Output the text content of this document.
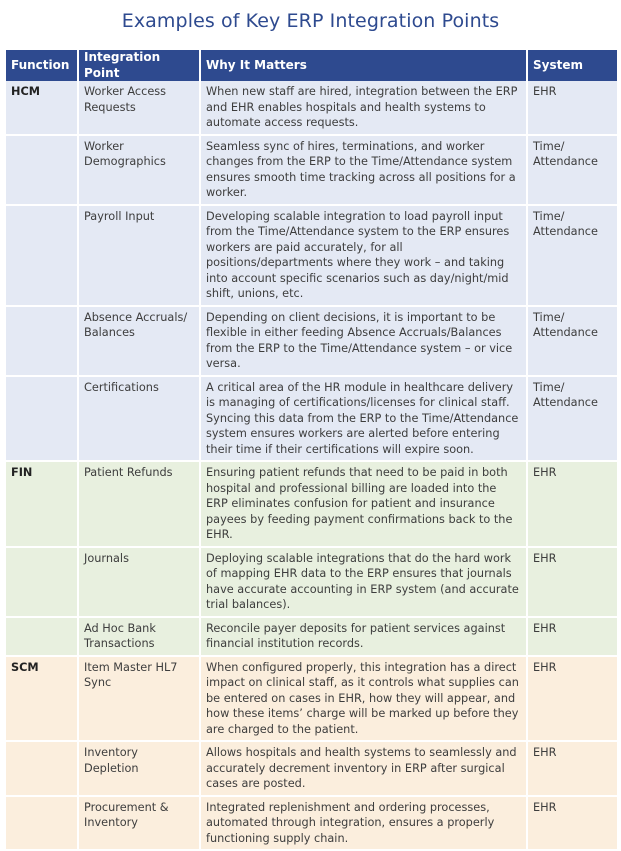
Examples of Key ERP Integration Points
Function	Integration Point	Why It Matters	System
HCM	Worker Access Requests	When new staff are hired, integration between the ERP and EHR enables hospitals and health systems to automate access requests.	EHR
	Worker Demographics	Seamless sync of hires, terminations, and worker changes from the ERP to the Time/Attendance system ensures smooth time tracking across all positions for a worker.	Time/ Attendance
	Payroll Input	Developing scalable integration to load payroll input from the Time/Attendance system to the ERP ensures workers are paid accurately, for all positions/departments where they work – and taking into account specific scenarios such as day/night/mid shift, unions, etc.	Time/ Attendance
	Absence Accruals/ Balances	Depending on client decisions, it is important to be flexible in either feeding Absence Accruals/Balances from the ERP to the Time/Attendance system – or vice versa.	Time/ Attendance
	Certifications	A critical area of the HR module in healthcare delivery is managing of certifications/licenses for clinical staff. Syncing this data from the ERP to the Time/Attendance system ensures workers are alerted before entering their time if their certifications will expire soon.	Time/ Attendance
FIN	Patient Refunds	Ensuring patient refunds that need to be paid in both hospital and professional billing are loaded into the ERP eliminates confusion for patient and insurance payees by feeding payment confirmations back to the EHR.	EHR
	Journals	Deploying scalable integrations that do the hard work of mapping EHR data to the ERP ensures that journals have accurate accounting in ERP system (and accurate trial balances).	EHR
	Ad Hoc Bank Transactions	Reconcile payer deposits for patient services against financial institution records.	EHR
SCM	Item Master HL7 Sync	When configured properly, this integration has a direct impact on clinical staff, as it controls what supplies can be entered on cases in EHR, how they will appear, and how these items’ charge will be marked up before they are charged to the patient.	EHR
	Inventory Depletion	Allows hospitals and health systems to seamlessly and accurately decrement inventory in ERP after surgical cases are posted.	EHR
	Procurement & Inventory	Integrated replenishment and ordering processes, automated through integration, ensures a properly functioning supply chain.	EHR
